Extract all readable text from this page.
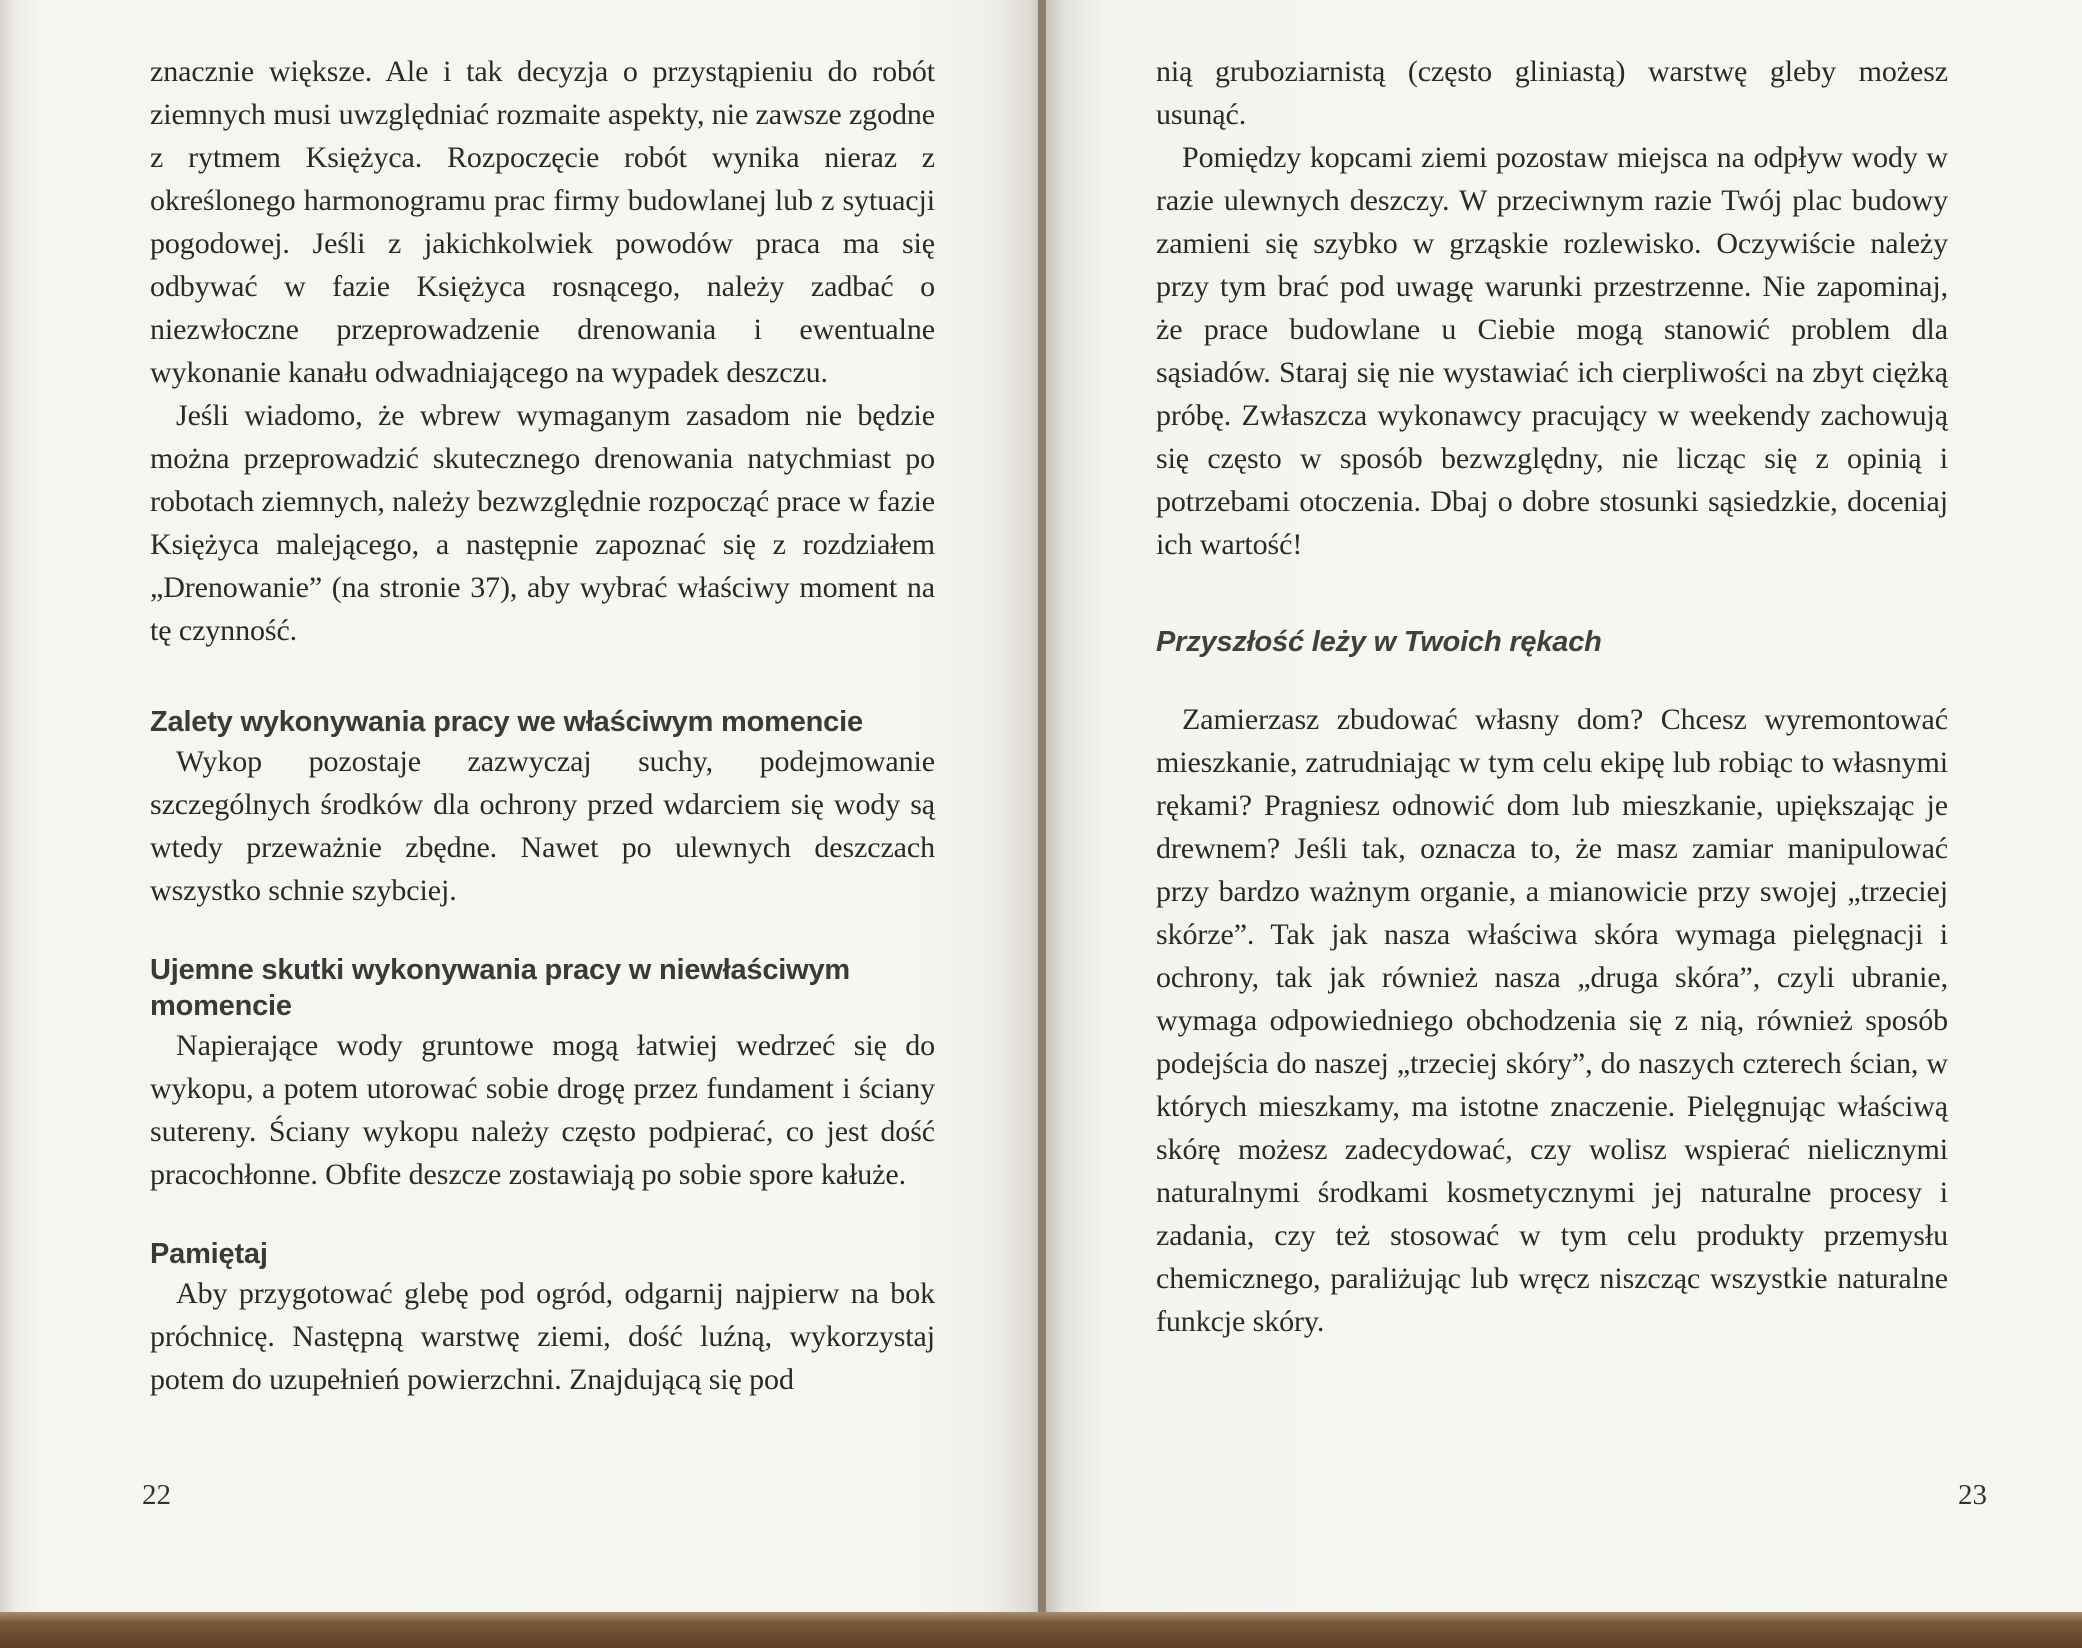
znacznie większe. Ale i tak decyzja o przystąpieniu do robót ziemnych musi uwzględniać rozmaite aspekty, nie zawsze zgodne z rytmem Księżyca. Rozpoczęcie robót wynika nieraz z określonego harmonogramu prac firmy budowlanej lub z sytuacji pogodowej. Jeśli z jakichkolwiek powodów praca ma się odbywać w fazie Księżyca rosnącego, należy zadbać o niezwłoczne przeprowadzenie drenowania i ewentualne wykonanie kanału odwadniającego na wypadek deszczu.

Jeśli wiadomo, że wbrew wymaganym zasadom nie będzie można przeprowadzić skutecznego drenowania natychmiast po robotach ziemnych, należy bezwzględnie rozpocząć prace w fazie Księżyca malejącego, a następnie zapoznać się z rozdziałem „Drenowanie” (na stronie 37), aby wybrać właściwy moment na tę czynność.

Zalety wykonywania pracy we właściwym momencie

Wykop pozostaje zazwyczaj suchy, podejmowanie szczególnych środków dla ochrony przed wdarciem się wody są wtedy przeważnie zbędne. Nawet po ulewnych deszczach wszystko schnie szybciej.

Ujemne skutki wykonywania pracy w niewłaściwym momencie

Napierające wody gruntowe mogą łatwiej wedrzeć się do wykopu, a potem utorować sobie drogę przez fundament i ściany sutereny. Ściany wykopu należy często podpierać, co jest dość pracochłonne. Obfite deszcze zostawiają po sobie spore kałuże.

Pamiętaj

Aby przygotować glebę pod ogród, odgarnij najpierw na bok próchnicę. Następną warstwę ziemi, dość luźną, wykorzystaj potem do uzupełnień powierzchni. Znajdującą się pod

22

nią gruboziarnistą (często gliniastą) warstwę gleby możesz usunąć.

Pomiędzy kopcami ziemi pozostaw miejsca na odpływ wody w razie ulewnych deszczy. W przeciwnym razie Twój plac budowy zamieni się szybko w grząskie rozlewisko. Oczywiście należy przy tym brać pod uwagę warunki przestrzenne. Nie zapominaj, że prace budowlane u Ciebie mogą stanowić problem dla sąsiadów. Staraj się nie wystawiać ich cierpliwości na zbyt ciężką próbę. Zwłaszcza wykonawcy pracujący w weekendy zachowują się często w sposób bezwzględny, nie licząc się z opinią i potrzebami otoczenia. Dbaj o dobre stosunki sąsiedzkie, doceniaj ich wartość!

Przyszłość leży w Twoich rękach

Zamierzasz zbudować własny dom? Chcesz wyremontować mieszkanie, zatrudniając w tym celu ekipę lub robiąc to własnymi rękami? Pragniesz odnowić dom lub mieszkanie, upiększając je drewnem? Jeśli tak, oznacza to, że masz zamiar manipulować przy bardzo ważnym organie, a mianowicie przy swojej „trzeciej skórze”. Tak jak nasza właściwa skóra wymaga pielęgnacji i ochrony, tak jak również nasza „druga skóra”, czyli ubranie, wymaga odpowiedniego obchodzenia się z nią, również sposób podejścia do naszej „trzeciej skóry”, do naszych czterech ścian, w których mieszkamy, ma istotne znaczenie. Pielęgnując właściwą skórę możesz zadecydować, czy wolisz wspierać nielicznymi naturalnymi środkami kosmetycznymi jej naturalne procesy i zadania, czy też stosować w tym celu produkty przemysłu chemicznego, paraliżując lub wręcz niszcząc wszystkie naturalne funkcje skóry.

23
